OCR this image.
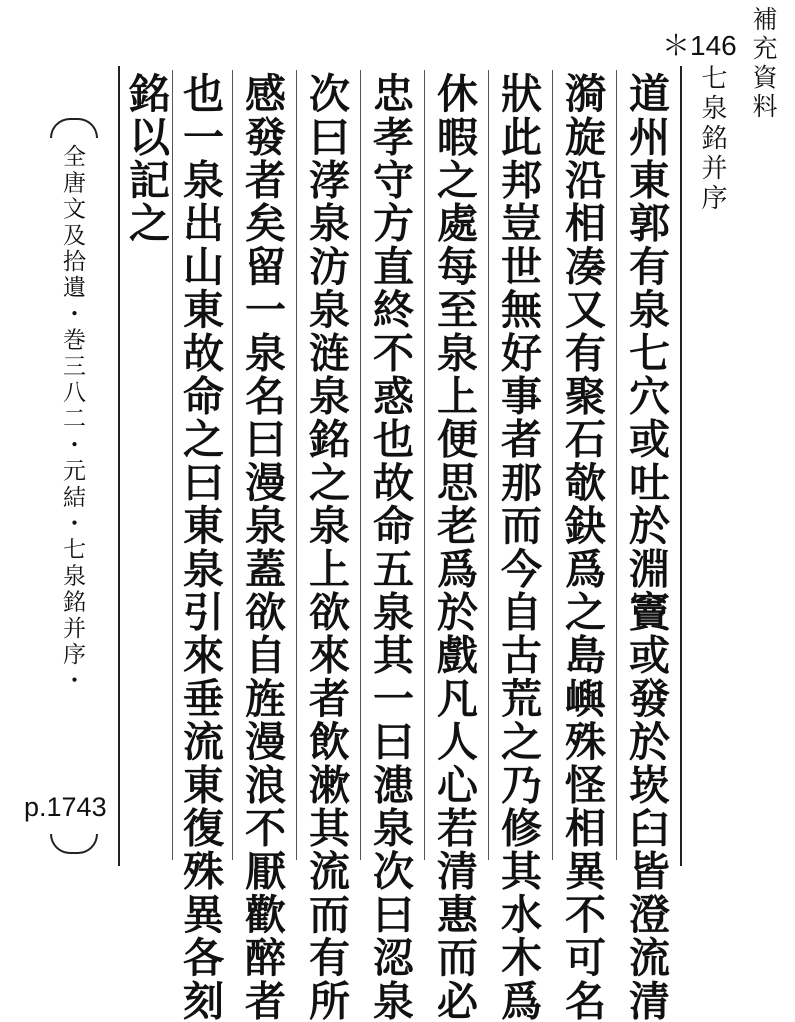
補充資料
＊146
七泉銘并序
道州東郭有泉七穴或吐於淵竇或發於崁臼皆澄流清
漪旋沿相凑又有聚石欹鈌爲之島嶼殊怪相異不可名
狀此邦豈世無好事者那而今自古荒之乃修其水木爲
休暇之處每至泉上便思老爲於戲凡人心若清惠而必
忠孝守方直終不惑也故命五泉其一曰漶泉次曰涊泉
次曰涍泉汸泉涟泉銘之泉上欲來者飲漱其流而有所
感發者矣留一泉名曰漫泉蓋欲自旌漫浪不厭歡醉者
也一泉出山東故命之曰東泉引來垂流東復殊異各刻
銘以記之
全唐文及拾遺・巻三八二・元結・七泉銘并序・
p.1743
